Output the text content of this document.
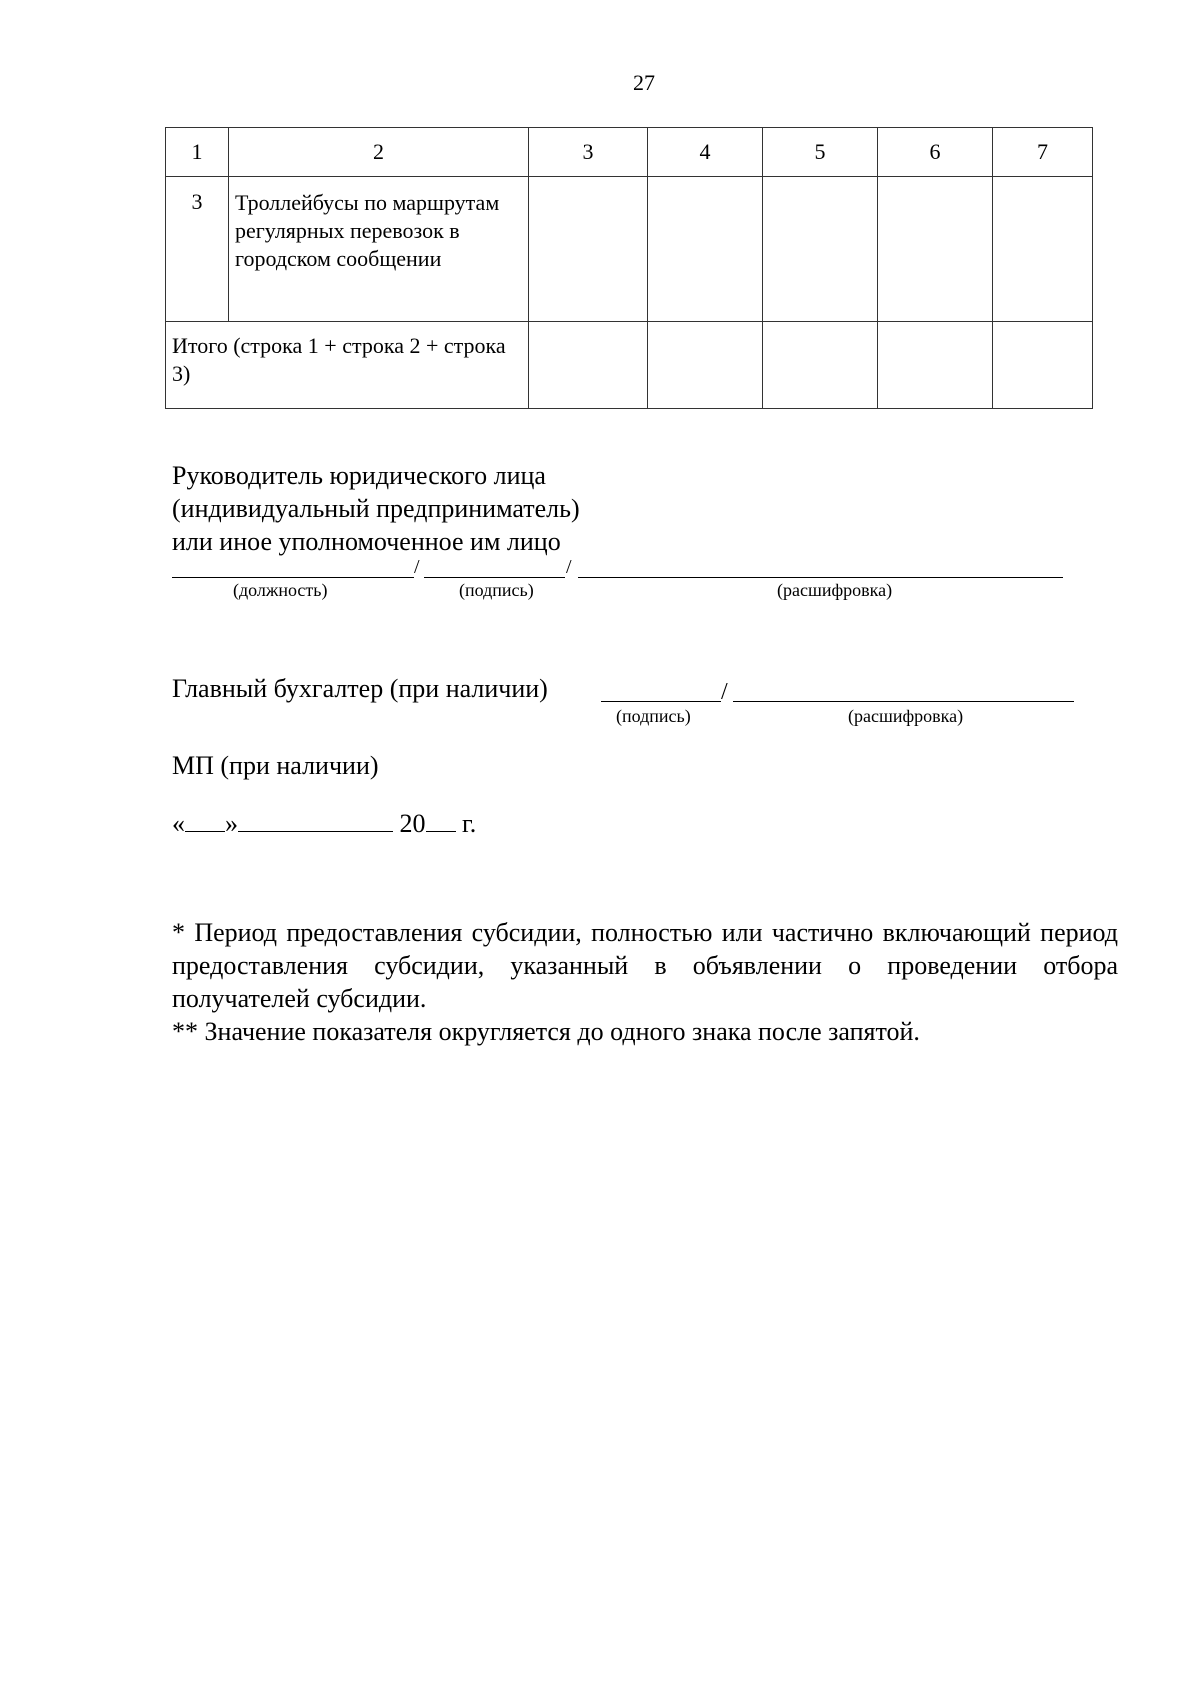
27
1	2	3	4	5	6	7
3	Троллейбусы по маршрутам регулярных перевозок в городском сообщении					
Итого (строка 1 + строка 2 + строка 3)						
Руководитель юридического лица
(индивидуальный предприниматель)
или иное уполномоченное им лицо
/	/
(должность)	(подпись)	(расшифровка)
Главный бухгалтер (при наличии)	/
(подпись)	(расшифровка)
МП (при наличии)
« »	20 г.
* Период предоставления субсидии, полностью или частично включающий период предоставления субсидии, указанный в объявлении о проведении отбора получателей субсидии.
** Значение показателя округляется до одного знака после запятой.
